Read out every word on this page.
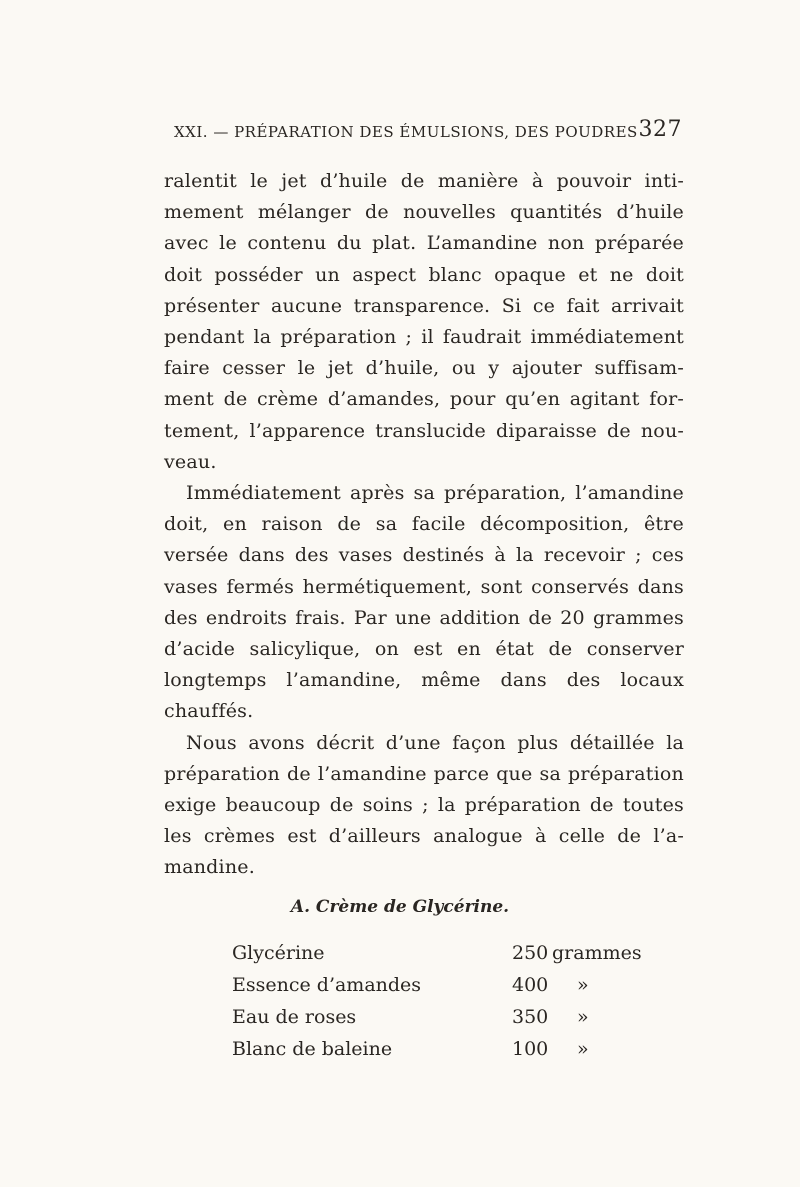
XXI. — PRÉPARATION DES ÉMULSIONS, DES POUDRES 327
ralentit le jet d’huile de manière à pouvoir inti-
mement mélanger de nouvelles quantités d’huile
avec le contenu du plat. L’amandine non préparée
doit posséder un aspect blanc opaque et ne doit
présenter aucune transparence. Si ce fait arrivait
pendant la préparation ; il faudrait immédiatement
faire cesser le jet d’huile, ou y ajouter suffisam-
ment de crème d’amandes, pour qu’en agitant for-
tement, l’apparence translucide diparaisse de nou-
veau.
Immédiatement après sa préparation, l’amandine
doit, en raison de sa facile décomposition, être
versée dans des vases destinés à la recevoir ; ces
vases fermés hermétiquement, sont conservés dans
des endroits frais. Par une addition de 20 grammes
d’acide salicylique, on est en état de conserver
longtemps l’amandine, même dans des locaux
chauffés.
Nous avons décrit d’une façon plus détaillée la
préparation de l’amandine parce que sa préparation
exige beaucoup de soins ; la préparation de toutes
les crèmes est d’ailleurs analogue à celle de l’a-
mandine.
A. Crème de Glycérine.
Glycérine	250 grammes
Essence d’amandes	400 »
Eau de roses	350 »
Blanc de baleine	100 »
